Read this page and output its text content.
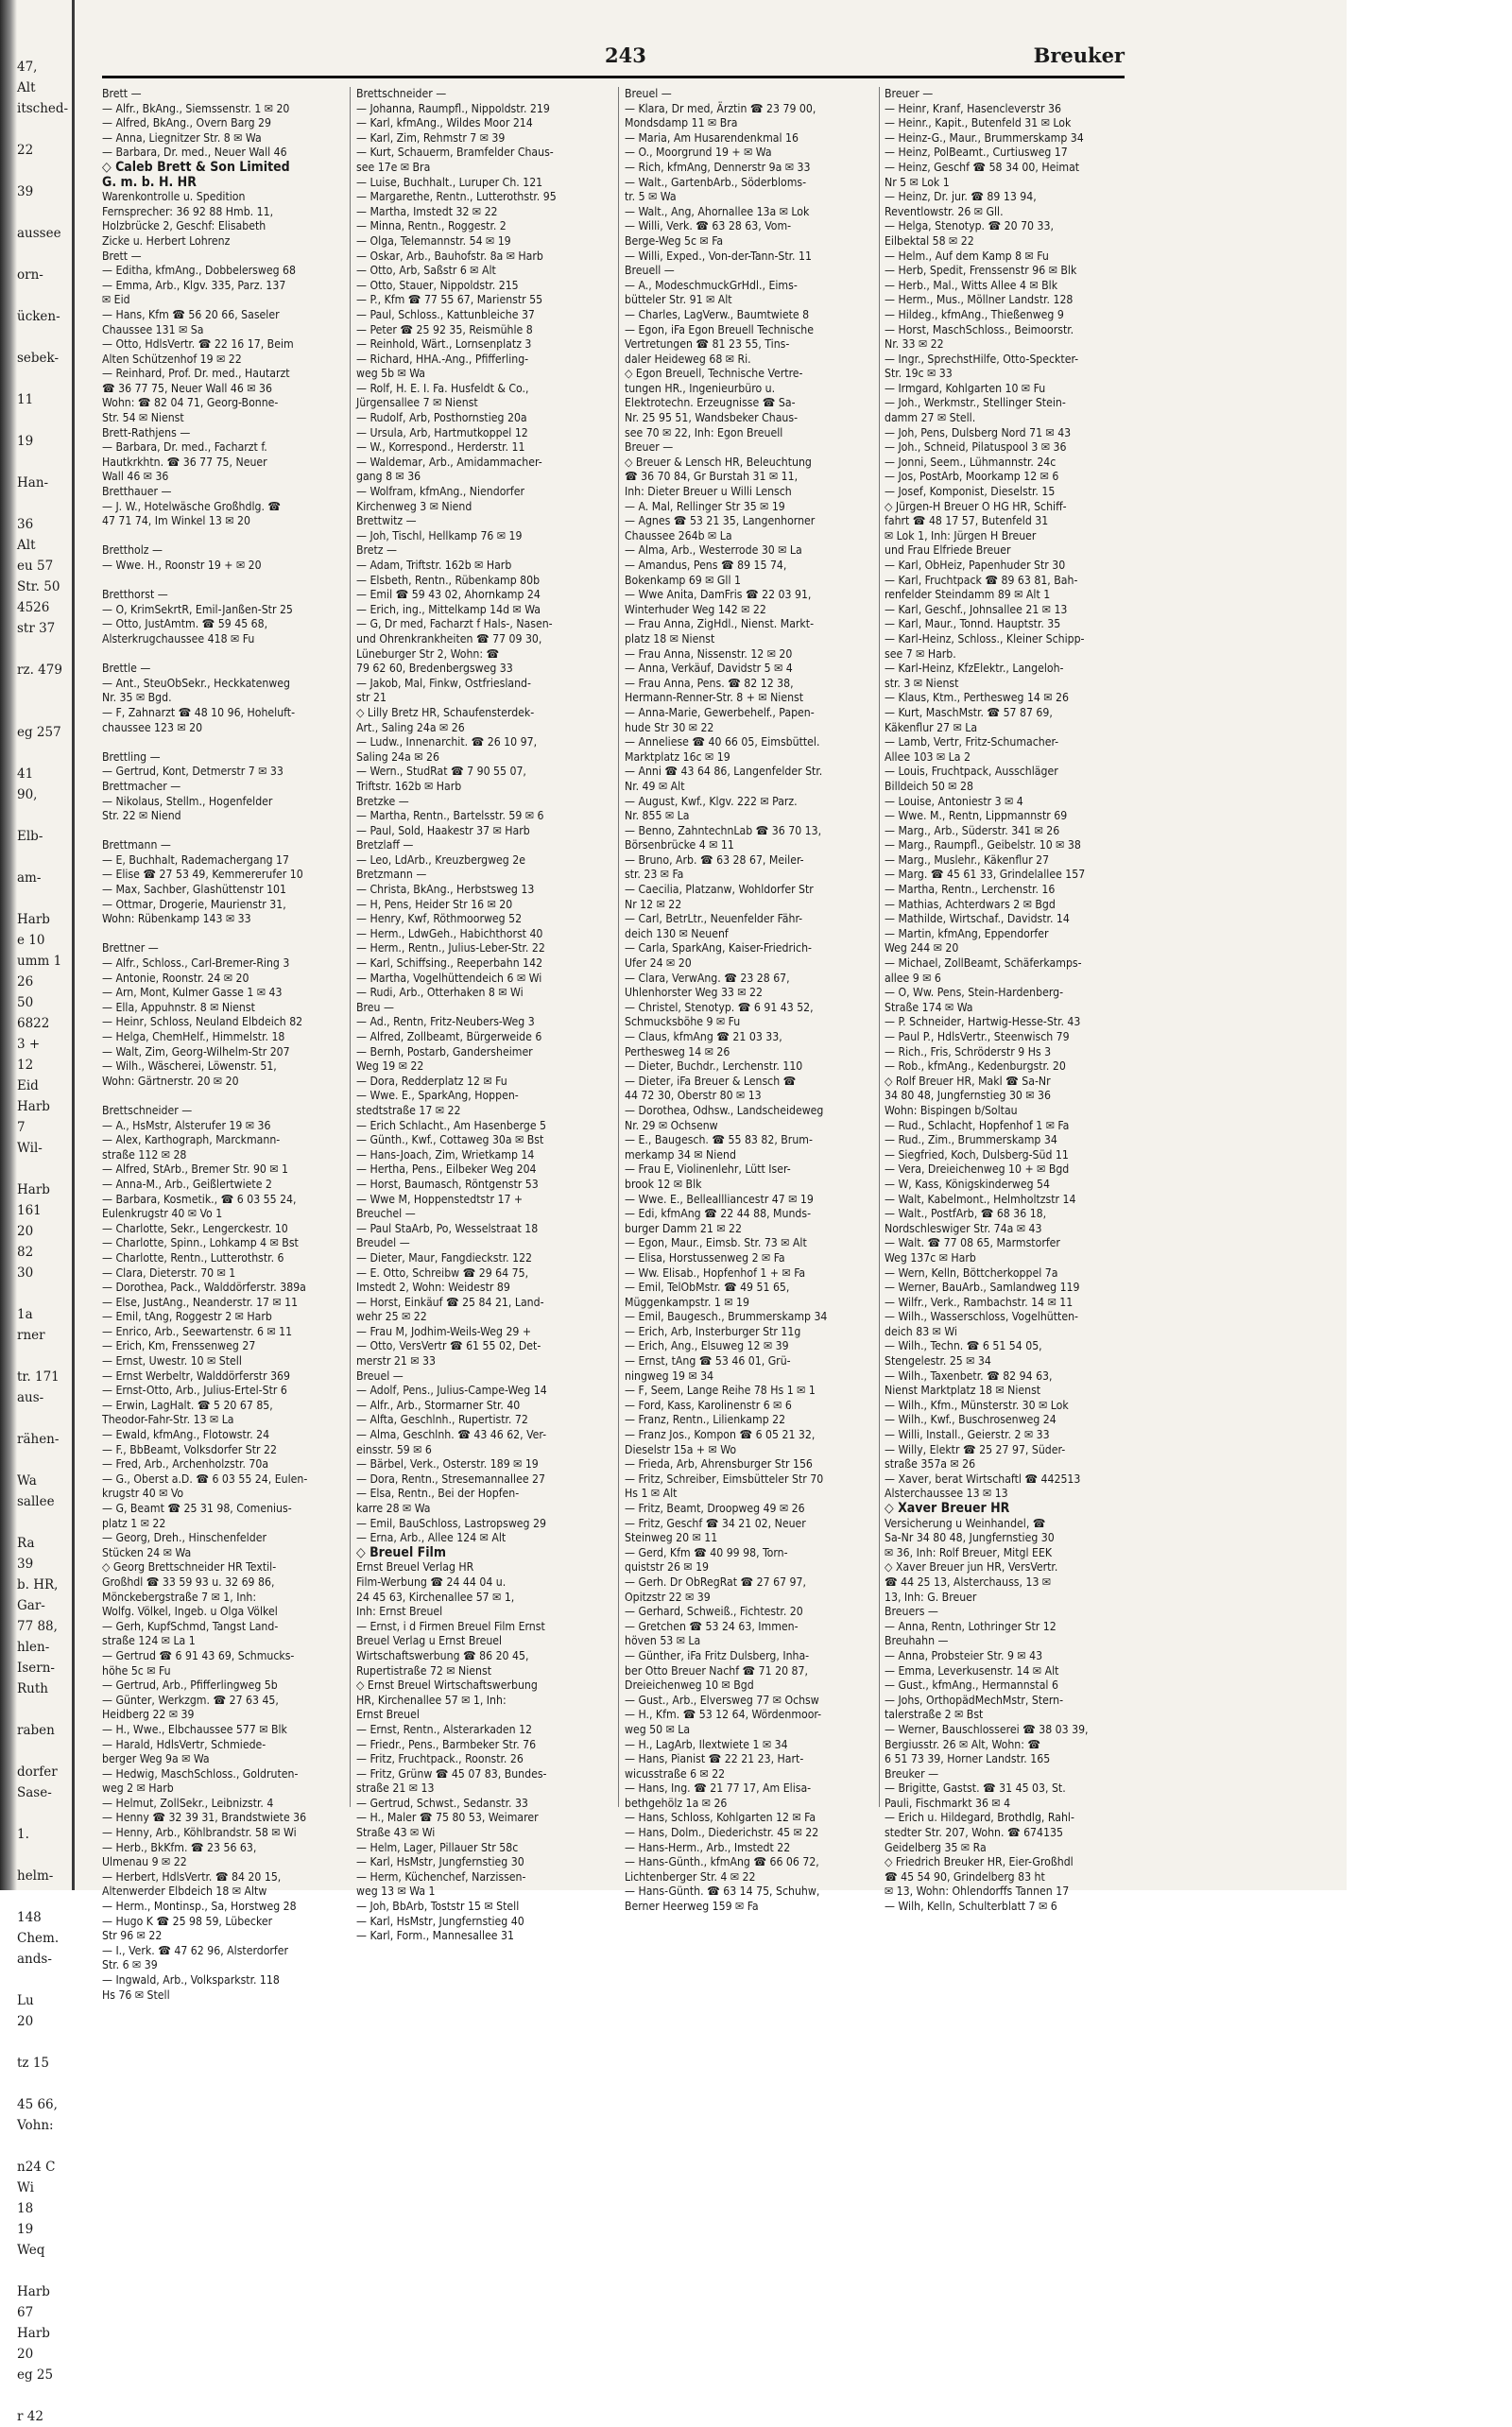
47,
Alt
itsched-

22

39

aussee

orn-

ücken-

sebek-

11

19

Han-

36
Alt
eu 57
Str. 50
4526
str 37

rz. 479

eg 257

41
90,

Elb-

am-

Harb
e 10
umm 1
26
50
6822
3 +
12
Eid
Harb
7
Wil-

Harb
161
20
82
30

1a
rner

tr. 171
aus-

rähen-

Wa
sallee

Ra
39
b. HR,
Gar-
77 88,
hlen-
Isern-
Ruth

raben

dorfer
Sase-

1.

helm-

148
Chem.
ands-

Lu
20

tz 15

45 66,
Vohn:

n24 C
Wi
18
19
Weq

Harb
67
Harb
20
eg 25

r 42
243	Breuker
Brett —
— Alfr., BkAng., Siemssenstr. 1 ✉ 20
— Alfred, BkAng., Overn Barg 29
— Anna, Liegnitzer Str. 8 ✉ Wa
— Barbara, Dr. med., Neuer Wall 46
◇ Caleb Brett & Son Limited
G. m. b. H. HR
Warenkontrolle u. Spedition
Fernsprecher: 36 92 88 Hmb. 11,
Holzbrücke 2, Geschf: Elisabeth
Zicke u. Herbert Lohrenz
Brett —
— Editha, kfmAng., Dobbelersweg 68
— Emma, Arb., Klgv. 335, Parz. 137
✉ Eid
— Hans, Kfm ☎ 56 20 66, Saseler
Chaussee 131 ✉ Sa
— Otto, HdlsVertr. ☎ 22 16 17, Beim
Alten Schützenhof 19 ✉ 22
— Reinhard, Prof. Dr. med., Hautarzt
☎ 36 77 75, Neuer Wall 46 ✉ 36
Wohn: ☎ 82 04 71, Georg-Bonne-
Str. 54 ✉ Nienst
Brett-Rathjens —
— Barbara, Dr. med., Facharzt f.
Hautkrkhtn. ☎ 36 77 75, Neuer
Wall 46 ✉ 36
Bretthauer —
— J. W., Hotelwäsche Großhdlg. ☎
47 71 74, Im Winkel 13 ✉ 20

Brettholz —
— Wwe. H., Roonstr 19 + ✉ 20

Bretthorst —
— O, KrimSekrtR, Emil-Janßen-Str 25
— Otto, JustAmtm. ☎ 59 45 68,
Alsterkrugchaussee 418 ✉ Fu

Brettle —
— Ant., SteuObSekr., Heckkatenweg
Nr. 35 ✉ Bgd.
— F, Zahnarzt ☎ 48 10 96, Hoheluft-
chaussee 123 ✉ 20

Brettling —
— Gertrud, Kont, Detmerstr 7 ✉ 33
Brettmacher —
— Nikolaus, Stellm., Hogenfelder
Str. 22 ✉ Niend

Brettmann —
— E, Buchhalt, Rademachergang 17
— Elise ☎ 27 53 49, Kemmererufer 10
— Max, Sachber, Glashüttenstr 101
— Ottmar, Drogerie, Maurienstr 31,
Wohn: Rübenkamp 143 ✉ 33

Brettner —
— Alfr., Schloss., Carl-Bremer-Ring 3
— Antonie, Roonstr. 24 ✉ 20
— Arn, Mont, Kulmer Gasse 1 ✉ 43
— Ella, Appuhnstr. 8 ✉ Nienst
— Heinr, Schloss, Neuland Elbdeich 82
— Helga, ChemHelf., Himmelstr. 18
— Walt, Zim, Georg-Wilhelm-Str 207
— Wilh., Wäscherei, Löwenstr. 51,
Wohn: Gärtnerstr. 20 ✉ 20

Brettschneider —
— A., HsMstr, Alsterufer 19 ✉ 36
— Alex, Karthograph, Marckmann-
straße 112 ✉ 28
— Alfred, StArb., Bremer Str. 90 ✉ 1
— Anna-M., Arb., Geißlertwiete 2
— Barbara, Kosmetik., ☎ 6 03 55 24,
Eulenkrugstr 40 ✉ Vo 1
— Charlotte, Sekr., Lengerckestr. 10
— Charlotte, Spinn., Lohkamp 4 ✉ Bst
— Charlotte, Rentn., Lutterothstr. 6
— Clara, Dieterstr. 70 ✉ 1
— Dorothea, Pack., Walddörferstr. 389a
— Else, JustAng., Neanderstr. 17 ✉ 11
— Emil, tAng, Roggestr 2 ✉ Harb
— Enrico, Arb., Seewartenstr. 6 ✉ 11
— Erich, Km, Frenssenweg 27
— Ernst, Uwestr. 10 ✉ Stell
— Ernst Werbeltr, Walddörferstr 369
— Ernst-Otto, Arb., Julius-Ertel-Str 6
— Erwin, LagHalt. ☎ 5 20 67 85,
Theodor-Fahr-Str. 13 ✉ La
— Ewald, kfmAng., Flotowstr. 24
— F., BbBeamt, Volksdorfer Str 22
— Fred, Arb., Archenholzstr. 70a
— G., Oberst a.D. ☎ 6 03 55 24, Eulen-
krugstr 40 ✉ Vo
— G, Beamt ☎ 25 31 98, Comenius-
platz 1 ✉ 22
— Georg, Dreh., Hinschenfelder
Stücken 24 ✉ Wa
◇ Georg Brettschneider HR Textil-
Großhdl ☎ 33 59 93 u. 32 69 86,
Mönckebergstraße 7 ✉ 1, Inh:
Wolfg. Völkel, Ingeb. u Olga Völkel
— Gerh, KupfSchmd, Tangst Land-
straße 124 ✉ La 1
— Gertrud ☎ 6 91 43 69, Schmucks-
höhe 5c ✉ Fu
— Gertrud, Arb., Pfifferlingweg 5b
— Günter, Werkzgm. ☎ 27 63 45,
Heidberg 22 ✉ 39
— H., Wwe., Elbchaussee 577 ✉ Blk
— Harald, HdlsVertr, Schmiede-
berger Weg 9a ✉ Wa
— Hedwig, MaschSchloss., Goldruten-
weg 2 ✉ Harb
— Helmut, ZollSekr., Leibnizstr. 4
— Henny ☎ 32 39 31, Brandstwiete 36
— Henny, Arb., Köhlbrandstr. 58 ✉ Wi
— Herb., BkKfm. ☎ 23 56 63,
Ulmenau 9 ✉ 22
— Herbert, HdlsVertr. ☎ 84 20 15,
Altenwerder Elbdeich 18 ✉ Altw
— Herm., Montinsp., Sa, Horstweg 28
— Hugo K ☎ 25 98 59, Lübecker
Str 96 ✉ 22
— I., Verk. ☎ 47 62 96, Alsterdorfer
Str. 6 ✉ 39
— Ingwald, Arb., Volksparkstr. 118
Hs 76 ✉ Stell
Brettschneider —
— Johanna, Raumpfl., Nippoldstr. 219
— Karl, kfmAng., Wildes Moor 214
— Karl, Zim, Rehmstr 7 ✉ 39
— Kurt, Schauerm, Bramfelder Chaus-
see 17e ✉ Bra
— Luise, Buchhalt., Luruper Ch. 121
— Margarethe, Rentn., Lutterothstr. 95
— Martha, Imstedt 32 ✉ 22
— Minna, Rentn., Roggestr. 2
— Olga, Telemannstr. 54 ✉ 19
— Oskar, Arb., Bauhofstr. 8a ✉ Harb
— Otto, Arb, Saßstr 6 ✉ Alt
— Otto, Stauer, Nippoldstr. 215
— P., Kfm ☎ 77 55 67, Marienstr 55
— Paul, Schloss., Kattunbleiche 37
— Peter ☎ 25 92 35, Reismühle 8
— Reinhold, Wärt., Lornsenplatz 3
— Richard, HHA.-Ang., Pfifferling-
weg 5b ✉ Wa
— Rolf, H. E. I. Fa. Husfeldt & Co.,
Jürgensallee 7 ✉ Nienst
— Rudolf, Arb, Posthornstieg 20a
— Ursula, Arb, Hartmutkoppel 12
— W., Korrespond., Herderstr. 11
— Waldemar, Arb., Amidammacher-
gang 8 ✉ 36
— Wolfram, kfmAng., Niendorfer
Kirchenweg 3 ✉ Niend
Brettwitz —
— Joh, Tischl, Hellkamp 76 ✉ 19
Bretz —
— Adam, Triftstr. 162b ✉ Harb
— Elsbeth, Rentn., Rübenkamp 80b
— Emil ☎ 59 43 02, Ahornkamp 24
— Erich, ing., Mittelkamp 14d ✉ Wa
— G, Dr med, Facharzt f Hals-, Nasen-
und Ohrenkrankheiten ☎ 77 09 30,
Lüneburger Str 2, Wohn: ☎
79 62 60, Bredenbergsweg 33
— Jakob, Mal, Finkw, Ostfriesland-
str 21
◇ Lilly Bretz HR, Schaufensterdek-
Art., Saling 24a ✉ 26
— Ludw., Innenarchit. ☎ 26 10 97,
Saling 24a ✉ 26
— Wern., StudRat ☎ 7 90 55 07,
Triftstr. 162b ✉ Harb
Bretzke —
— Martha, Rentn., Bartelsstr. 59 ✉ 6
— Paul, Sold, Haakestr 37 ✉ Harb
Bretzlaff —
— Leo, LdArb., Kreuzbergweg 2e
Bretzmann —
— Christa, BkAng., Herbstsweg 13
— H, Pens, Heider Str 16 ✉ 20
— Henry, Kwf, Röthmoorweg 52
— Herm., LdwGeh., Habichthorst 40
— Herm., Rentn., Julius-Leber-Str. 22
— Karl, Schiffsing., Reeperbahn 142
— Martha, Vogelhüttendeich 6 ✉ Wi
— Rudi, Arb., Otterhaken 8 ✉ Wi
Breu —
— Ad., Rentn, Fritz-Neubers-Weg 3
— Alfred, Zollbeamt, Bürgerweide 6
— Bernh, Postarb, Gandersheimer
Weg 19 ✉ 22
— Dora, Redderplatz 12 ✉ Fu
— Wwe. E., SparkAng, Hoppen-
stedtstraße 17 ✉ 22
— Erich Schlacht., Am Hasenberge 5
— Günth., Kwf., Cottaweg 30a ✉ Bst
— Hans-Joach, Zim, Wrietkamp 14
— Hertha, Pens., Eilbeker Weg 204
— Horst, Baumasch, Röntgenstr 53
— Wwe M, Hoppenstedtstr 17 +
Breuchel —
— Paul StaArb, Po, Wesselstraat 18
Breudel —
— Dieter, Maur, Fangdieckstr. 122
— E. Otto, Schreibw ☎ 29 64 75,
Imstedt 2, Wohn: Weidestr 89
— Horst, Einkäuf ☎ 25 84 21, Land-
wehr 25 ✉ 22
— Frau M, Jodhim-Weils-Weg 29 +
— Otto, VersVertr ☎ 61 55 02, Det-
merstr 21 ✉ 33
Breuel —
— Adolf, Pens., Julius-Campe-Weg 14
— Alfr., Arb., Stormarner Str. 40
— Alfta, Geschlnh., Rupertistr. 72
— Alma, Geschlnh. ☎ 43 46 62, Ver-
einsstr. 59 ✉ 6
— Bärbel, Verk., Osterstr. 189 ✉ 19
— Dora, Rentn., Stresemannallee 27
— Elsa, Rentn., Bei der Hopfen-
karre 28 ✉ Wa
— Emil, BauSchloss, Lastropsweg 29
— Erna, Arb., Allee 124 ✉ Alt
◇ Breuel Film
Ernst Breuel Verlag HR
Film-Werbung ☎ 24 44 04 u.
24 45 63, Kirchenallee 57 ✉ 1,
Inh: Ernst Breuel
— Ernst, i d Firmen Breuel Film Ernst
Breuel Verlag u Ernst Breuel
Wirtschaftswerbung ☎ 86 20 45,
Rupertistraße 72 ✉ Nienst
◇ Ernst Breuel Wirtschaftswerbung
HR, Kirchenallee 57 ✉ 1, Inh:
Ernst Breuel
— Ernst, Rentn., Alsterarkaden 12
— Friedr., Pens., Barmbeker Str. 76
— Fritz, Fruchtpack., Roonstr. 26
— Fritz, Grünw ☎ 45 07 83, Bundes-
straße 21 ✉ 13
— Gertrud, Schwst., Sedanstr. 33
— H., Maler ☎ 75 80 53, Weimarer
Straße 43 ✉ Wi
— Helm, Lager, Pillauer Str 58c
— Karl, HsMstr, Jungfernstieg 30
— Herm, Küchenchef, Narzissen-
weg 13 ✉ Wa 1
— Joh, BbArb, Toststr 15 ✉ Stell
— Karl, HsMstr, Jungfernstieg 40
— Karl, Form., Mannesallee 31
Breuel —
— Klara, Dr med, Ärztin ☎ 23 79 00,
Mondsdamp 11 ✉ Bra
— Maria, Am Husarendenkmal 16
— O., Moorgrund 19 + ✉ Wa
— Rich, kfmAng, Dennerstr 9a ✉ 33
— Walt., GartenbArb., Söderbloms-
tr. 5 ✉ Wa
— Walt., Ang, Ahornallee 13a ✉ Lok
— Willi, Verk. ☎ 63 28 63, Vom-
Berge-Weg 5c ✉ Fa
— Willi, Exped., Von-der-Tann-Str. 11
Breuell —
— A., ModeschmuckGrHdl., Eims-
bütteler Str. 91 ✉ Alt
— Charles, LagVerw., Baumtwiete 8
— Egon, iFa Egon Breuell Technische
Vertretungen ☎ 81 23 55, Tins-
daler Heideweg 68 ✉ Ri.
◇ Egon Breuell, Technische Vertre-
tungen HR., Ingenieurbüro u.
Elektrotechn. Erzeugnisse ☎ Sa-
Nr. 25 95 51, Wandsbeker Chaus-
see 70 ✉ 22, Inh: Egon Breuell
Breuer —
◇ Breuer & Lensch HR, Beleuchtung
☎ 36 70 84, Gr Burstah 31 ✉ 11,
Inh: Dieter Breuer u Willi Lensch
— A. Mal, Rellinger Str 35 ✉ 19
— Agnes ☎ 53 21 35, Langenhorner
Chaussee 264b ✉ La
— Alma, Arb., Westerrode 30 ✉ La
— Amandus, Pens ☎ 89 15 74,
Bokenkamp 69 ✉ Gll 1
— Wwe Anita, DamFris ☎ 22 03 91,
Winterhuder Weg 142 ✉ 22
— Frau Anna, ZigHdl., Nienst. Markt-
platz 18 ✉ Nienst
— Frau Anna, Nissenstr. 12 ✉ 20
— Anna, Verkäuf, Davidstr 5 ✉ 4
— Frau Anna, Pens. ☎ 82 12 38,
Hermann-Renner-Str. 8 + ✉ Nienst
— Anna-Marie, Gewerbehelf., Papen-
hude Str 30 ✉ 22
— Anneliese ☎ 40 66 05, Eimsbüttel.
Marktplatz 16c ✉ 19
— Anni ☎ 43 64 86, Langenfelder Str.
Nr. 49 ✉ Alt
— August, Kwf., Klgv. 222 ✉ Parz.
Nr. 855 ✉ La
— Benno, ZahntechnLab ☎ 36 70 13,
Börsenbrücke 4 ✉ 11
— Bruno, Arb. ☎ 63 28 67, Meiler-
str. 23 ✉ Fa
— Caecilia, Platzanw, Wohldorfer Str
Nr 12 ✉ 22
— Carl, BetrLtr., Neuenfelder Fähr-
deich 130 ✉ Neuenf
— Carla, SparkAng, Kaiser-Friedrich-
Ufer 24 ✉ 20
— Clara, VerwAng. ☎ 23 28 67,
Uhlenhorster Weg 33 ✉ 22
— Christel, Stenotyp. ☎ 6 91 43 52,
Schmucksböhe 9 ✉ Fu
— Claus, kfmAng ☎ 21 03 33,
Perthesweg 14 ✉ 26
— Dieter, Buchdr., Lerchenstr. 110
— Dieter, iFa Breuer & Lensch ☎
44 72 30, Oberstr 80 ✉ 13
— Dorothea, Odhsw., Landscheideweg
Nr. 29 ✉ Ochsenw
— E., Baugesch. ☎ 55 83 82, Brum-
merkamp 34 ✉ Niend
— Frau E, Violinenlehr, Lütt Iser-
brook 12 ✉ Blk
— Wwe. E., Belleallliancestr 47 ✉ 19
— Edi, kfmAng ☎ 22 44 88, Munds-
burger Damm 21 ✉ 22
— Egon, Maur., Eimsb. Str. 73 ✉ Alt
— Elisa, Horstussenweg 2 ✉ Fa
— Ww. Elisab., Hopfenhof 1 + ✉ Fa
— Emil, TelObMstr. ☎ 49 51 65,
Müggenkampstr. 1 ✉ 19
— Emil, Baugesch., Brummerskamp 34
— Erich, Arb, Insterburger Str 11g
— Erich, Ang., Elsuweg 12 ✉ 39
— Ernst, tAng ☎ 53 46 01, Grü-
ningweg 19 ✉ 34
— F, Seem, Lange Reihe 78 Hs 1 ✉ 1
— Ford, Kass, Karolinenstr 6 ✉ 6
— Franz, Rentn., Lilienkamp 22
— Franz Jos., Kompon ☎ 6 05 21 32,
Dieselstr 15a + ✉ Wo
— Frieda, Arb, Ahrensburger Str 156
— Fritz, Schreiber, Eimsbütteler Str 70
Hs 1 ✉ Alt
— Fritz, Beamt, Droopweg 49 ✉ 26
— Fritz, Geschf ☎ 34 21 02, Neuer
Steinweg 20 ✉ 11
— Gerd, Kfm ☎ 40 99 98, Torn-
quiststr 26 ✉ 19
— Gerh. Dr ObRegRat ☎ 27 67 97,
Opitzstr 22 ✉ 39
— Gerhard, Schweiß., Fichtestr. 20
— Gretchen ☎ 53 24 63, Immen-
höven 53 ✉ La
— Günther, iFa Fritz Dulsberg, Inha-
ber Otto Breuer Nachf ☎ 71 20 87,
Dreieichenweg 10 ✉ Bgd
— Gust., Arb., Elversweg 77 ✉ Ochsw
— H., Kfm. ☎ 53 12 64, Wördenmoor-
weg 50 ✉ La
— H., LagArb, Ilextwiete 1 ✉ 34
— Hans, Pianist ☎ 22 21 23, Hart-
wicusstraße 6 ✉ 22
— Hans, Ing. ☎ 21 77 17, Am Elisa-
bethgehölz 1a ✉ 26
— Hans, Schloss, Kohlgarten 12 ✉ Fa
— Hans, Dolm., Diederichstr. 45 ✉ 22
— Hans-Herm., Arb., Imstedt 22
— Hans-Günth., kfmAng ☎ 66 06 72,
Lichtenberger Str. 4 ✉ 22
— Hans-Günth. ☎ 63 14 75, Schuhw,
Berner Heerweg 159 ✉ Fa
Breuer —
— Heinr, Kranf, Hasencleverstr 36
— Heinr., Kapit., Butenfeld 31 ✉ Lok
— Heinz-G., Maur., Brummerskamp 34
— Heinz, PolBeamt., Curtiusweg 17
— Heinz, Geschf ☎ 58 34 00, Heimat
Nr 5 ✉ Lok 1
— Heinz, Dr. jur. ☎ 89 13 94,
Reventlowstr. 26 ✉ Gll.
— Helga, Stenotyp. ☎ 20 70 33,
Eilbektal 58 ✉ 22
— Helm., Auf dem Kamp 8 ✉ Fu
— Herb, Spedit, Frenssenstr 96 ✉ Blk
— Herb., Mal., Witts Allee 4 ✉ Blk
— Herm., Mus., Möllner Landstr. 128
— Hildeg., kfmAng., Thießenweg 9
— Horst, MaschSchloss., Beimoorstr.
Nr. 33 ✉ 22
— Ingr., SprechstHilfe, Otto-Speckter-
Str. 19c ✉ 33
— Irmgard, Kohlgarten 10 ✉ Fu
— Joh., Werkmstr., Stellinger Stein-
damm 27 ✉ Stell.
— Joh, Pens, Dulsberg Nord 71 ✉ 43
— Joh., Schneid, Pilatuspool 3 ✉ 36
— Jonni, Seem., Lühmannstr. 24c
— Jos, PostArb, Moorkamp 12 ✉ 6
— Josef, Komponist, Dieselstr. 15
◇ Jürgen-H Breuer O HG HR, Schiff-
fahrt ☎ 48 17 57, Butenfeld 31
✉ Lok 1, Inh: Jürgen H Breuer
und Frau Elfriede Breuer
— Karl, ObHeiz, Papenhuder Str 30
— Karl, Fruchtpack ☎ 89 63 81, Bah-
renfelder Steindamm 89 ✉ Alt 1
— Karl, Geschf., Johnsallee 21 ✉ 13
— Karl, Maur., Tonnd. Hauptstr. 35
— Karl-Heinz, Schloss., Kleiner Schipp-
see 7 ✉ Harb.
— Karl-Heinz, KfzElektr., Langeloh-
str. 3 ✉ Nienst
— Klaus, Ktm., Perthesweg 14 ✉ 26
— Kurt, MaschMstr. ☎ 57 87 69,
Käkenflur 27 ✉ La
— Lamb, Vertr, Fritz-Schumacher-
Allee 103 ✉ La 2
— Louis, Fruchtpack, Ausschläger
Billdeich 50 ✉ 28
— Louise, Antoniestr 3 ✉ 4
— Wwe. M., Rentn, Lippmannstr 69
— Marg., Arb., Süderstr. 341 ✉ 26
— Marg., Raumpfl., Geibelstr. 10 ✉ 38
— Marg., Muslehr., Käkenflur 27
— Marg. ☎ 45 61 33, Grindelallee 157
— Martha, Rentn., Lerchenstr. 16
— Mathias, Achterdwars 2 ✉ Bgd
— Mathilde, Wirtschaf., Davidstr. 14
— Martin, kfmAng, Eppendorfer
Weg 244 ✉ 20
— Michael, ZollBeamt, Schäferkamps-
allee 9 ✉ 6
— O, Ww. Pens, Stein-Hardenberg-
Straße 174 ✉ Wa
— P. Schneider, Hartwig-Hesse-Str. 43
— Paul P., HdlsVertr., Steenwisch 79
— Rich., Fris, Schröderstr 9 Hs 3
— Rob., kfmAng., Kedenburgstr. 20
◇ Rolf Breuer HR, Makl ☎ Sa-Nr
34 80 48, Jungfernstieg 30 ✉ 36
Wohn: Bispingen b/Soltau
— Rud., Schlacht, Hopfenhof 1 ✉ Fa
— Rud., Zim., Brummerskamp 34
— Siegfried, Koch, Dulsberg-Süd 11
— Vera, Dreieichenweg 10 + ✉ Bgd
— W, Kass, Königskinderweg 54
— Walt, Kabelmont., Helmholtzstr 14
— Walt., PostfArb, ☎ 68 36 18,
Nordschleswiger Str. 74a ✉ 43
— Walt. ☎ 77 08 65, Marmstorfer
Weg 137c ✉ Harb
— Wern, Kelln, Böttcherkoppel 7a
— Werner, BauArb., Samlandweg 119
— Wilfr., Verk., Rambachstr. 14 ✉ 11
— Wilh., Wasserschloss, Vogelhütten-
deich 83 ✉ Wi
— Wilh., Techn. ☎ 6 51 54 05,
Stengelestr. 25 ✉ 34
— Wilh., Taxenbetr. ☎ 82 94 63,
Nienst Marktplatz 18 ✉ Nienst
— Wilh., Kfm., Münsterstr. 30 ✉ Lok
— Wilh., Kwf., Buschrosenweg 24
— Willi, Install., Geierstr. 2 ✉ 33
— Willy, Elektr ☎ 25 27 97, Süder-
straße 357a ✉ 26
— Xaver, berat Wirtschaftl ☎ 442513
Alsterchaussee 13 ✉ 13
◇ Xaver Breuer HR
Versicherung u Weinhandel, ☎
Sa-Nr 34 80 48, Jungfernstieg 30
✉ 36, Inh: Rolf Breuer, Mitgl EEK
◇ Xaver Breuer jun HR, VersVertr.
☎ 44 25 13, Alsterchauss, 13 ✉
13, Inh: G. Breuer
Breuers —
— Anna, Rentn, Lothringer Str 12
Breuhahn —
— Anna, Probsteier Str. 9 ✉ 43
— Emma, Leverkusenstr. 14 ✉ Alt
— Gust., kfmAng., Hermannstal 6
— Johs, OrthopädMechMstr, Stern-
talerstraße 2 ✉ Bst
— Werner, Bauschlosserei ☎ 38 03 39,
Bergiusstr. 26 ✉ Alt, Wohn: ☎
6 51 73 39, Horner Landstr. 165
Breuker —
— Brigitte, Gastst. ☎ 31 45 03, St.
Pauli, Fischmarkt 36 ✉ 4
— Erich u. Hildegard, Brothdlg, Rahl-
stedter Str. 207, Wohn. ☎ 674135
Geidelberg 35 ✉ Ra
◇ Friedrich Breuker HR, Eier-Großhdl
☎ 45 54 90, Grindelberg 83 ht
✉ 13, Wohn: Ohlendorffs Tannen 17
— Wilh, Kelln, Schulterblatt 7 ✉ 6
